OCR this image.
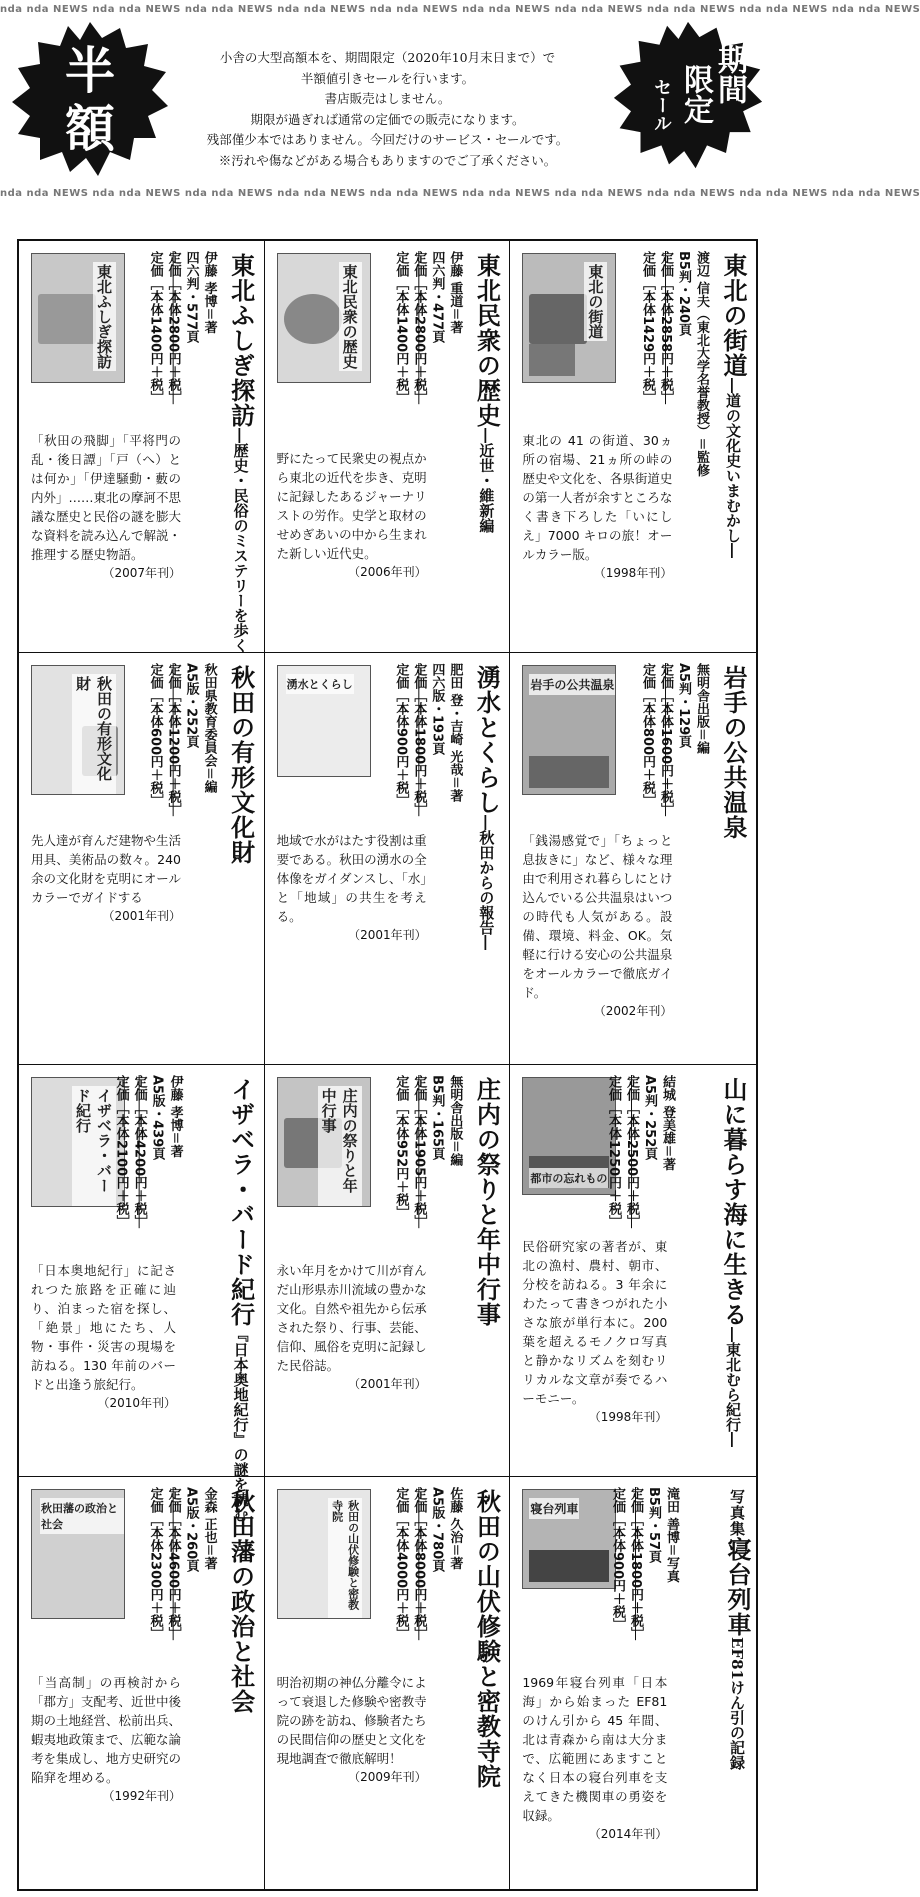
nda nda NEWS nda nda NEWS nda nda NEWS nda nda NEWS nda nda NEWS nda nda NEWS nda nda NEWS nda nda NEWS nda nda NEWS nda nda NEWS
nda nda NEWS nda nda NEWS nda nda NEWS nda nda NEWS nda nda NEWS nda nda NEWS nda nda NEWS nda nda NEWS nda nda NEWS nda nda NEWS
半額

小舎の大型高額本を、期間限定（2020年10月末日まで）で

半額値引きセールを行います。

書店販売はしません。

期限が過ぎれば通常の定価での販売になります。

残部僅少本ではありません。今回だけのサービス・セールです。

※汚れや傷などがある場合もありますのでご了承ください。

期間
限定
セール
東北ふしぎ探訪	東北ふしぎ探訪―歴史・民俗のミステリーを歩く
伊藤 孝博＝著
四六判・577頁
定価［本体2800円＋税］
定価［本体1400円＋税］
「秋田の飛脚」「平将門の乱・後日譚」「戸（へ）とは何か」「伊達騒動・藪の内外」……東北の摩訶不思議な歴史と民俗の謎を膨大な資料を読み込んで解説・推理する歴史物語。
（2007年刊）
東北民衆の歴史	東北民衆の歴史―近世・維新編
伊藤 重道＝著
四六判・477頁
定価［本体2800円＋税］
定価［本体1400円＋税］
野にたって民衆史の視点から東北の近代を歩き、克明に記録したあるジャーナリストの労作。史学と取材のせめぎあいの中から生まれた新しい近代史。
（2006年刊）
東北の街道	東北の街道―道の文化史いまむかし―
渡辺 信夫（東北大学名誉教授）＝監修
B5判・240頁
定価［本体2858円＋税］
定価［本体1429円＋税］
東北の 41 の街道、30ヵ所の宿場、21ヵ所の峠の歴史や文化を、各県街道史の第一人者が余すところなく書き下ろした「いにしえ」7000 キロの旅！オールカラー版。
（1998年刊）
秋田の有形文化財	秋田の有形文化財
秋田県教育委員会＝編
A5版・252頁
定価［本体1200円＋税］
定価［本体600円＋税］
先人達が育んだ建物や生活用具、美術品の数々。240 余の文化財を克明にオールカラーでガイドする
（2001年刊）
湧水とくらし	湧水とくらし―秋田からの報告―
肥田 登・吉崎 光哉＝著
四六版・193頁
定価［本体1800円＋税］
定価［本体900円＋税］
地域で水がはたす役割は重要である。秋田の湧水の全体像をガイダンスし、「水」と「地域」の共生を考える。
（2001年刊）
岩手の公共温泉	岩手の公共温泉
無明舎出版＝編
A5判・129頁
定価［本体1600円＋税］
定価［本体800円＋税］
「銭湯感覚で」「ちょっと息抜きに」など、様々な理由で利用され暮らしにとけ込んでいる公共温泉はいつの時代も人気がある。設備、環境、料金、OK。気軽に行ける安心の公共温泉をオールカラーで徹底ガイド。
（2002年刊）
イザベラ・バード紀行	イザベラ・バード紀行『日本奥地紀行』の謎を読む
伊藤 孝博＝著
A5版・439頁
定価［本体4200円＋税］
定価［本体2100円＋税］
「日本奥地紀行」に記されつた旅路を正確に辿り、泊まった宿を探し、「絶景」地にたち、人物・事件・災害の現場を訪ねる。130 年前のバードと出逢う旅紀行。
（2010年刊）
庄内の祭りと年中行事	庄内の祭りと年中行事
無明舎出版＝編
B5判・165頁
定価［本体1905円＋税］
定価［本体952円＋税］
永い年月をかけて川が育んだ山形県赤川流域の豊かな文化。自然や祖先から伝承された祭り、行事、芸能、信仰、風俗を克明に記録した民俗誌。
（2001年刊）
都市の忘れもの	山に暮らす海に生きる―東北むら紀行―
結城 登美雄＝著
A5判・252頁
定価［本体2500円＋税］
定価［本体1250円＋税］
民俗研究家の著者が、東北の漁村、農村、朝市、分校を訪ねる。3 年余にわたって書きつがれた小さな旅が単行本に。200 葉を超えるモノクロ写真と静かなリズムを刻むリリカルな文章が奏でるハーモニー。
（1998年刊）
秋田藩の政治と社会	秋田藩の政治と社会
金森 正也＝著
A5版・260頁
定価［本体4600円＋税］
定価［本体2300円＋税］
「当高制」の再検討から「郡方」支配考、近世中後期の土地経営、松前出兵、蝦夷地政策まで、広範な論考を集成し、地方史研究の陥穽を埋める。
（1992年刊）
秋田の山伏修験と密教寺院	秋田の山伏修験と密教寺院
佐藤 久治＝著
A5版・780頁
定価［本体8000円＋税］
定価［本体4000円＋税］
明治初期の神仏分離令によって衰退した修験や密教寺院の跡を訪ね、修験者たちの民間信仰の歴史と文化を現地調査で徹底解明！
（2009年刊）
寝台列車	写真集寝台列車EF81けん引の記録
滝田 善博＝写真
B5判・57頁
定価［本体1800円＋税］
定価［本体900円＋税］
1969年寝台列車「日本海」から始まった EF81 のけん引から 45 年間、北は青森から南は大分まで、広範囲にあますことなく日本の寝台列車を支えてきた機関車の勇姿を収録。
（2014年刊）
